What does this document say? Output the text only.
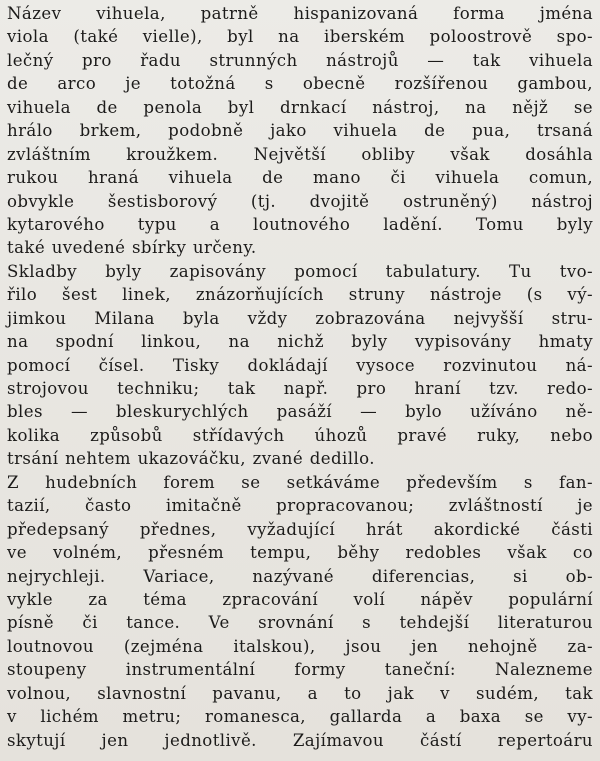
Název vihuela, patrně hispanizovaná forma jména
viola (také vielle), byl na iberském poloostrově spo-
lečný pro řadu strunných nástrojů — tak vihuela
de arco je totožná s obecně rozšířenou gambou,
vihuela de penola byl drnkací nástroj, na nějž se
hrálo brkem, podobně jako vihuela de pua, trsaná
zvláštním kroužkem. Největší obliby však dosáhla
rukou hraná vihuela de mano či vihuela comun,
obvykle šestisborový (tj. dvojitě ostruněný) nástroj
kytarového typu a loutnového ladění. Tomu byly
také uvedené sbírky určeny.
Skladby byly zapisovány pomocí tabulatury. Tu tvo-
řilo šest linek, znázorňujících struny nástroje (s vý-
jimkou Milana byla vždy zobrazována nejvyšší stru-
na spodní linkou, na nichž byly vypisovány hmaty
pomocí čísel. Tisky dokládají vysoce rozvinutou ná-
strojovou techniku; tak např. pro hraní tzv. redo-
bles — bleskurychlých pasáží — bylo užíváno ně-
kolika způsobů střídavých úhozů pravé ruky, nebo
trsání nehtem ukazováčku, zvané dedillo.
Z hudebních forem se setkáváme především s fan-
tazií, často imitačně propracovanou; zvláštností je
předepsaný přednes, vyžadující hrát akordické části
ve volném, přesném tempu, běhy redobles však co
nejrychleji. Variace, nazývané diferencias, si ob-
vykle za téma zpracování volí nápěv populární
písně či tance. Ve srovnání s tehdejší literaturou
loutnovou (zejména italskou), jsou jen nehojně za-
stoupeny instrumentální formy taneční: Nalezneme
volnou, slavnostní pavanu, a to jak v sudém, tak
v lichém metru; romanesca, gallarda a baxa se vy-
skytují jen jednotlivě. Zajímavou částí repertoáru
